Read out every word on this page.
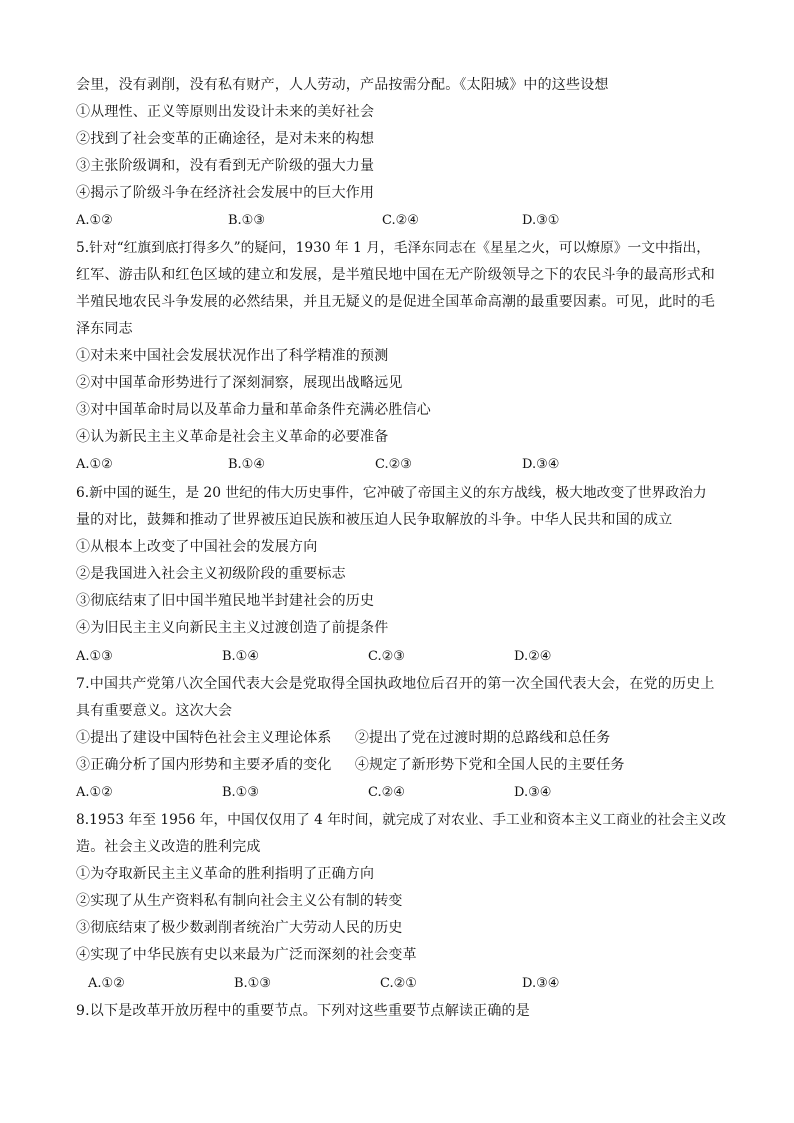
会里，没有剥削，没有私有财产，人人劳动，产品按需分配。《太阳城》中的这些设想
①从理性、正义等原则出发设计未来的美好社会
②找到了社会变革的正确途径，是对未来的构想
③主张阶级调和，没有看到无产阶级的强大力量
④揭示了阶级斗争在经济社会发展中的巨大作用
A.①②	B.①③	C.②④	D.③①
5.针对“红旗到底打得多久”的疑问，1930 年 1 月，毛泽东同志在《星星之火，可以燎原》一文中指出，
红军、游击队和红色区域的建立和发展，是半殖民地中国在无产阶级领导之下的农民斗争的最高形式和
半殖民地农民斗争发展的必然结果，并且无疑义的是促进全国革命高潮的最重要因素。可见，此时的毛
泽东同志
①对未来中国社会发展状况作出了科学精准的预测
②对中国革命形势进行了深刻洞察，展现出战略远见
③对中国革命时局以及革命力量和革命条件充满必胜信心
④认为新民主主义革命是社会主义革命的必要准备
A.①②	B.①④	C.②③	D.③④
6.新中国的诞生，是 20 世纪的伟大历史事件，它冲破了帝国主义的东方战线，极大地改变了世界政治力
量的对比，鼓舞和推动了世界被压迫民族和被压迫人民争取解放的斗争。中华人民共和国的成立
①从根本上改变了中国社会的发展方向
②是我国进入社会主义初级阶段的重要标志
③彻底结束了旧中国半殖民地半封建社会的历史
④为旧民主主义向新民主主义过渡创造了前提条件
A.①③	B.①④	C.②③	D.②④
7.中国共产党第八次全国代表大会是党取得全国执政地位后召开的第一次全国代表大会，在党的历史上
具有重要意义。这次大会
①提出了建设中国特色社会主义理论体系     ②提出了党在过渡时期的总路线和总任务
③正确分析了国内形势和主要矛盾的变化     ④规定了新形势下党和全国人民的主要任务
A.①②	B.①③	C.②④	D.③④
8.1953 年至 1956 年，中国仅仅用了 4 年时间，就完成了对农业、手工业和资本主义工商业的社会主义改
造。社会主义改造的胜利完成
①为夺取新民主主义革命的胜利指明了正确方向
②实现了从生产资料私有制向社会主义公有制的转变
③彻底结束了极少数剥削者统治广大劳动人民的历史
④实现了中华民族有史以来最为广泛而深刻的社会变革
A.①②	B.①③	C.②①	D.③④
9.以下是改革开放历程中的重要节点。下列对这些重要节点解读正确的是
